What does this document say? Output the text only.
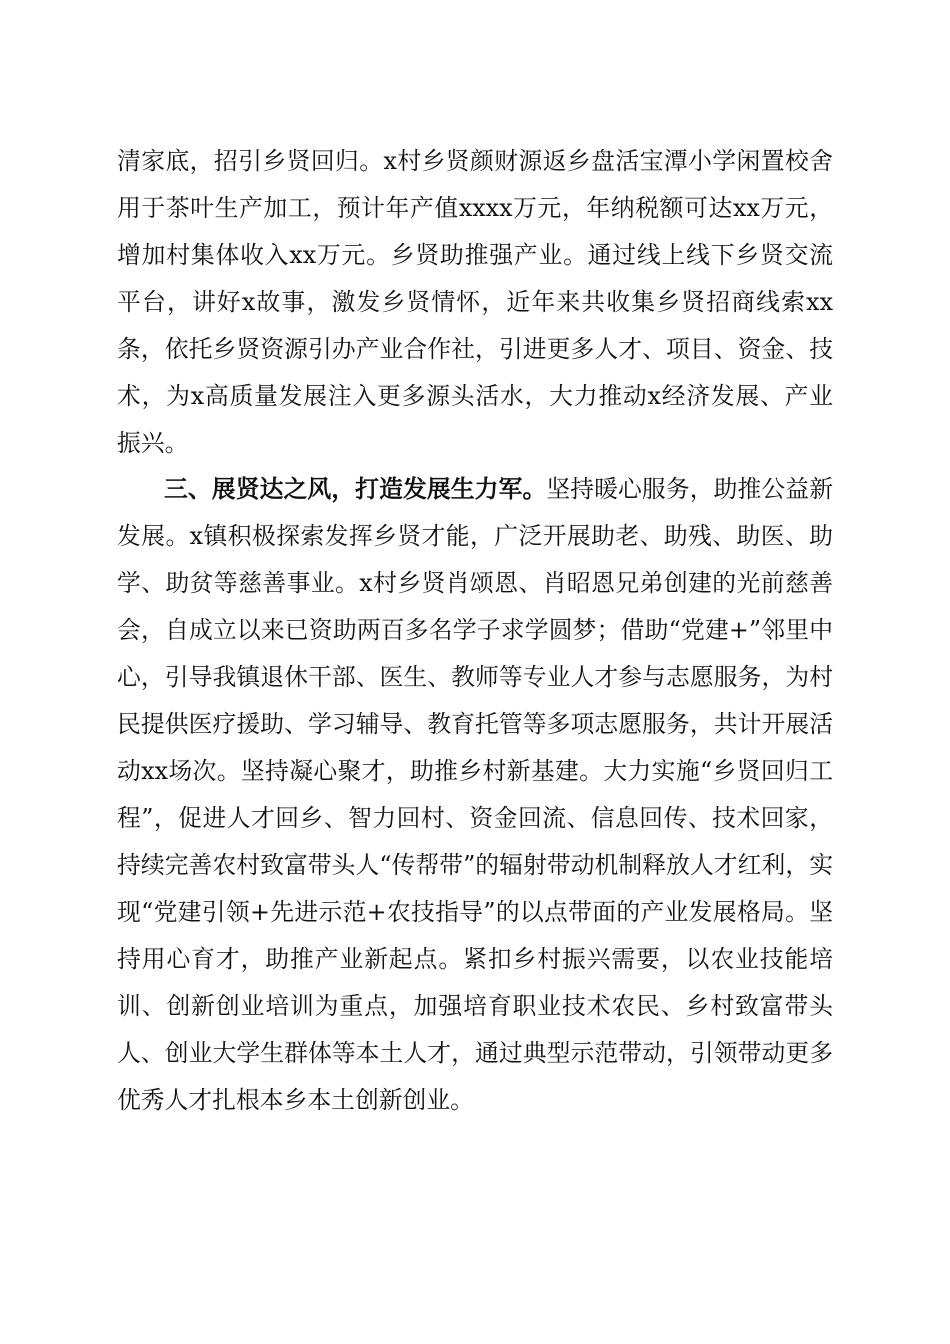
清家底，招引乡贤回归。x村乡贤颜财源返乡盘活宝潭小学闲置校舍用于茶叶生产加工，预计年产值xxxx万元，年纳税额可达xx万元，增加村集体收入xx万元。乡贤助推强产业。通过线上线下乡贤交流平台，讲好x故事，激发乡贤情怀，近年来共收集乡贤招商线索xx条，依托乡贤资源引办产业合作社，引进更多人才、项目、资金、技术，为x高质量发展注入更多源头活水，大力推动x经济发展、产业振兴。

三、展贤达之风，打造发展生力军。坚持暖心服务，助推公益新发展。x镇积极探索发挥乡贤才能，广泛开展助老、助残、助医、助学、助贫等慈善事业。x村乡贤肖颂恩、肖昭恩兄弟创建的光前慈善会，自成立以来已资助两百多名学子求学圆梦；借助“党建+”邻里中心，引导我镇退休干部、医生、教师等专业人才参与志愿服务，为村民提供医疗援助、学习辅导、教育托管等多项志愿服务，共计开展活动xx场次。坚持凝心聚才，助推乡村新基建。大力实施“乡贤回归工程”，促进人才回乡、智力回村、资金回流、信息回传、技术回家，持续完善农村致富带头人“传帮带”的辐射带动机制释放人才红利，实现“党建引领+先进示范+农技指导”的以点带面的产业发展格局。坚持用心育才，助推产业新起点。紧扣乡村振兴需要，以农业技能培训、创新创业培训为重点，加强培育职业技术农民、乡村致富带头人、创业大学生群体等本土人才，通过典型示范带动，引领带动更多优秀人才扎根本乡本土创新创业。
